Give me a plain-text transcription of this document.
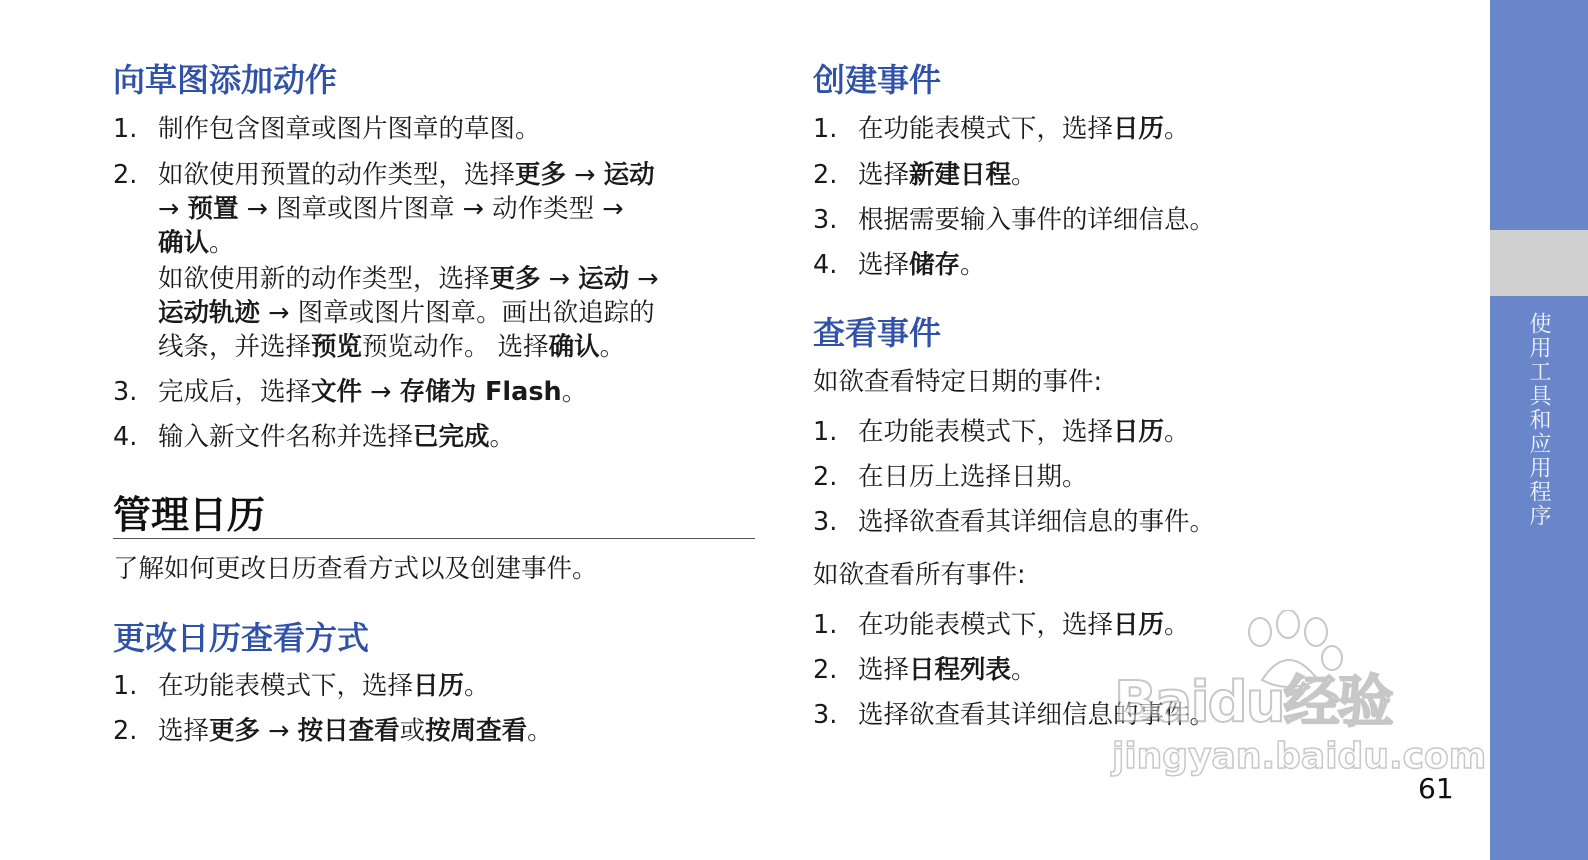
向草图添加动作
1. 制作包含图章或图片图章的草图。
2. 如欲使用预置的动作类型，选择更多 → 运动
→ 预置 → 图章或图片图章 → 动作类型 →
确认。
如欲使用新的动作类型，选择更多 → 运动 →
运动轨迹 → 图章或图片图章。画出欲追踪的
线条，并选择预览预览动作。 选择确认。
3. 完成后，选择文件 → 存储为 Flash。
4. 输入新文件名称并选择已完成。
管理日历
了解如何更改日历查看方式以及创建事件。
更改日历查看方式
1. 在功能表模式下，选择日历。
2. 选择更多 → 按日查看或按周查看。
创建事件
1. 在功能表模式下，选择日历。
2. 选择新建日程。
3. 根据需要输入事件的详细信息。
4. 选择储存。
查看事件
如欲查看特定日期的事件:
1. 在功能表模式下，选择日历。
2. 在日历上选择日期。
3. 选择欲查看其详细信息的事件。
如欲查看所有事件:
1. 在功能表模式下，选择日历。
2. 选择日程列表。
3. 选择欲查看其详细信息的事件。
Baidu经验
jingyan.baidu.com
61
使用工具和应用程序
